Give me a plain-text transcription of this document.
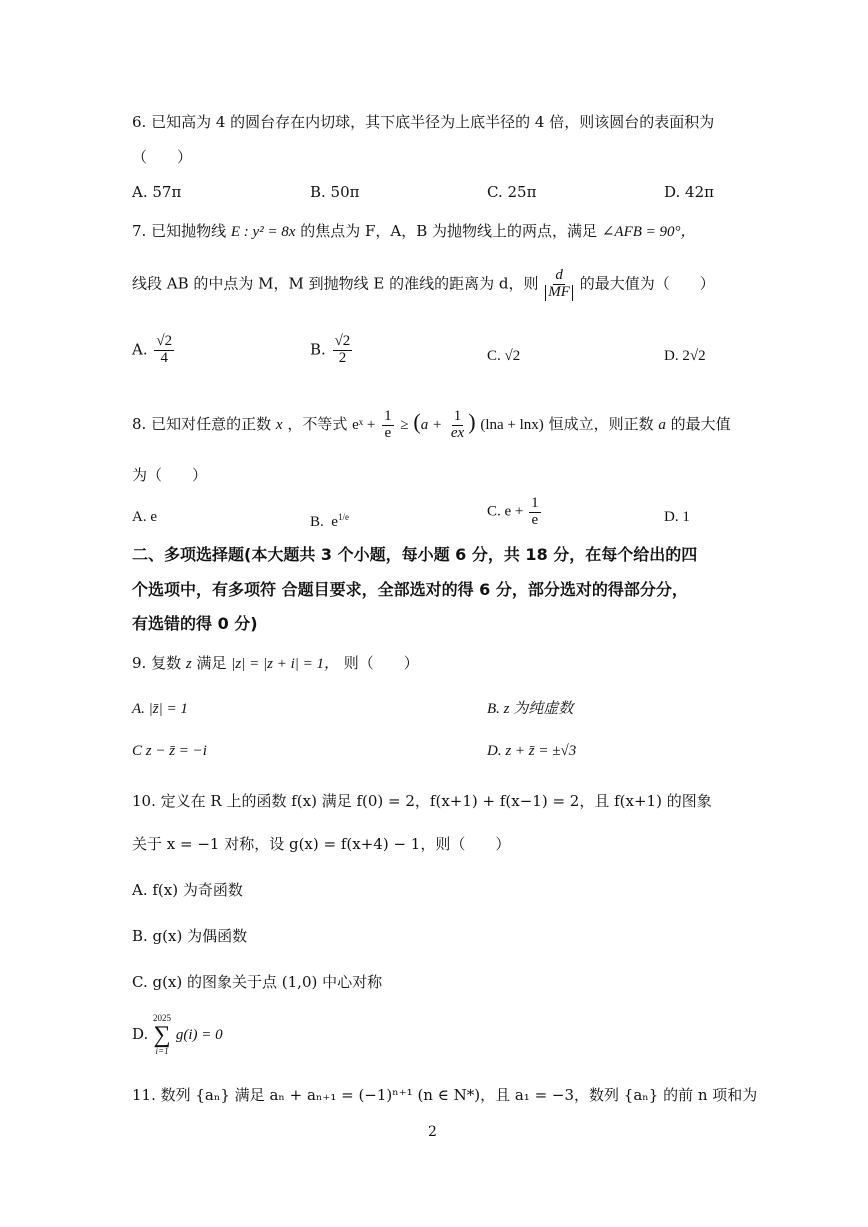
6. 已知高为 4 的圆台存在内切球，其下底半径为上底半径的 4 倍，则该圆台的表面积为
（　　）
A. 57π	B. 50π	C. 25π	D. 42π
7. 已知抛物线 E : y² = 8x 的焦点为 F，A，B 为抛物线上的两点，满足 ∠AFB = 90°，
线段 AB 的中点为 M，M 到抛物线 E 的准线的距离为 d，则 $\frac{d}{MF}$ 的最大值为（　　）
A. $\frac{√2}{4}$	B. $\frac{√2}{2}$	C. √2	D. 2√2
8. 已知对任意的正数 x ，不等式 eˣ + $\frac{1}{e} \ge (a + \frac{1}{ex}$ ) (lna + lnx) 恒成立，则正数 a 的最大值
为（　　）
A. e	B. $e^{1/e}$	C. $e + \frac{1}{e}$	D. 1
二、多项选择题(本大题共 3 个小题，每小题 6 分，共 18 分，在每个给出的四
个选项中，有多项符 合题目要求，全部选对的得 6 分，部分选对的得部分分，
有选错的得 0 分)
9. 复数 z 满足 |z| = |z + i| = 1， 则（　　）
A. |z̄| = 1	B. z 为纯虚数
C z − z̄ = −i	D. z + z̄ = ±√3
10. 定义在 R 上的函数 f(x) 满足 f(0) = 2，f(x+1) + f(x−1) = 2，且 f(x+1) 的图象
关于 x = −1 对称，设 g(x) = f(x+4) − 1，则（　　）
A. f(x) 为奇函数
B. g(x) 为偶函数
C. g(x) 的图象关于点 (1,0) 中心对称
D.
2025
∑
i=1
g(i) = 0
11. 数列 {aₙ} 满足 aₙ + aₙ₊₁ = (−1)ⁿ⁺¹ (n ∈ N*)，且 a₁ = −3，数列 {aₙ} 的前 n 项和为
2
